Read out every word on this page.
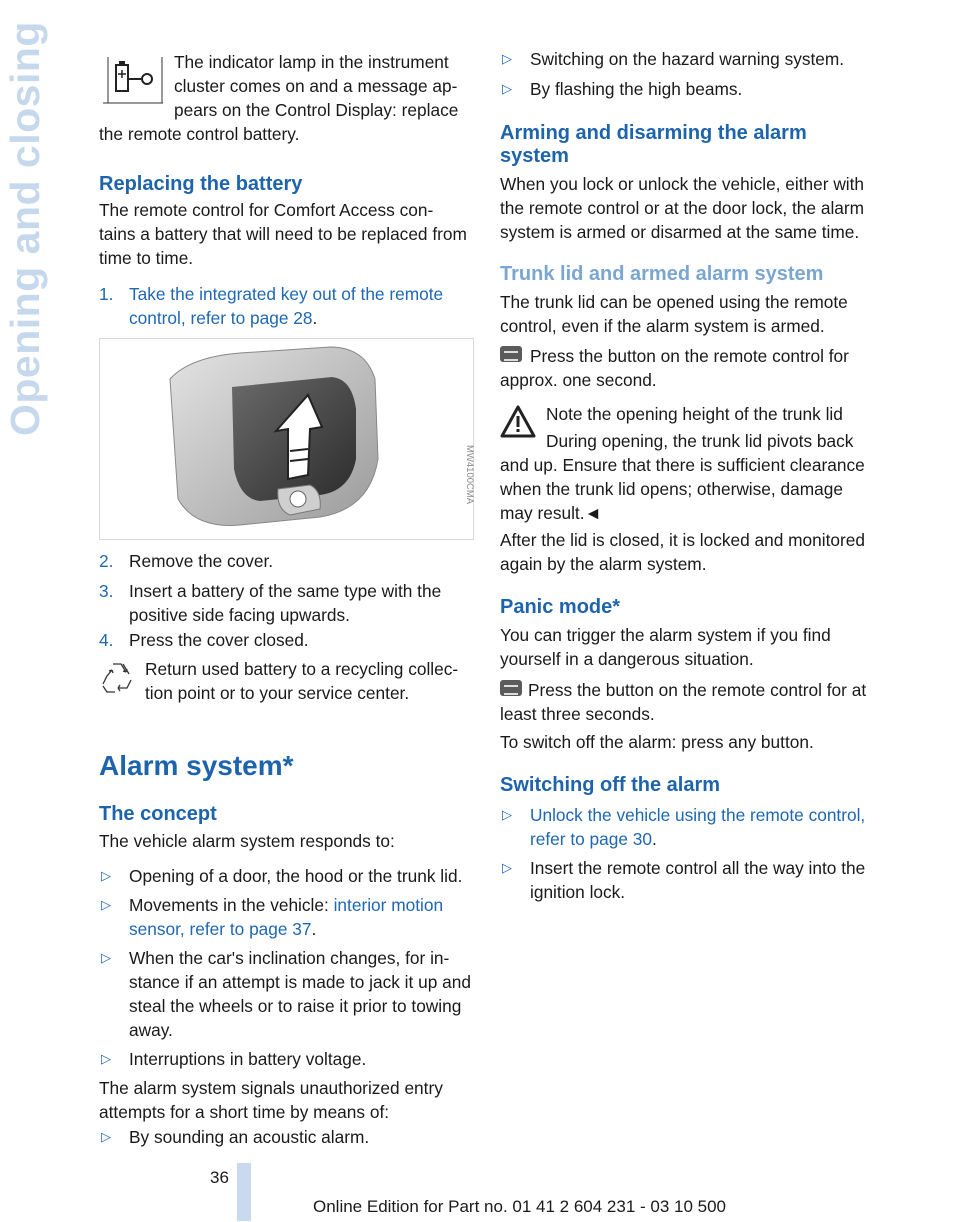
Opening and closing	The indicator lamp in the instrument

cluster comes on and a message ap-

pears on the Control Display: replace

the remote control battery.

Replacing the battery

The remote control for Comfort Access con-

tains a battery that will need to be replaced from

time to time.

1. Take the integrated key out of the remote

control, refer to page 28.

MW4100CMA
2. Remove the cover.

3. Insert a battery of the same type with the

positive side facing upwards.

4. Press the cover closed.

Return used battery to a recycling collec-

tion point or to your service center.

Alarm system*
The concept

The vehicle alarm system responds to:

▷ Opening of a door, the hood or the trunk lid.

▷ Movements in the vehicle: interior motion

sensor, refer to page 37.

▷ When the car's inclination changes, for in-

stance if an attempt is made to jack it up and

steal the wheels or to raise it prior to towing

away.

▷ Interruptions in battery voltage.

The alarm system signals unauthorized entry

attempts for a short time by means of:

▷ By sounding an acoustic alarm.

▷ Switching on the hazard warning system.

▷ By flashing the high beams.

Arming and disarming the alarm
system

When you lock or unlock the vehicle, either with

the remote control or at the door lock, the alarm

system is armed or disarmed at the same time.

Trunk lid and armed alarm system

The trunk lid can be opened using the remote

control, even if the alarm system is armed.

Press the button on the remote control for

approx. one second.

Note the opening height of the trunk lid

During opening, the trunk lid pivots back

and up. Ensure that there is sufficient clearance

when the trunk lid opens; otherwise, damage

may result.◄

After the lid is closed, it is locked and monitored

again by the alarm system.

Panic mode*

You can trigger the alarm system if you find

yourself in a dangerous situation.

Press the button on the remote control for at

least three seconds.

To switch off the alarm: press any button.

Switching off the alarm
▷ Unlock the vehicle using the remote control,

refer to page 30.

▷ Insert the remote control all the way into the

ignition lock.

36
Online Edition for Part no. 01 41 2 604 231 - 03 10 500
